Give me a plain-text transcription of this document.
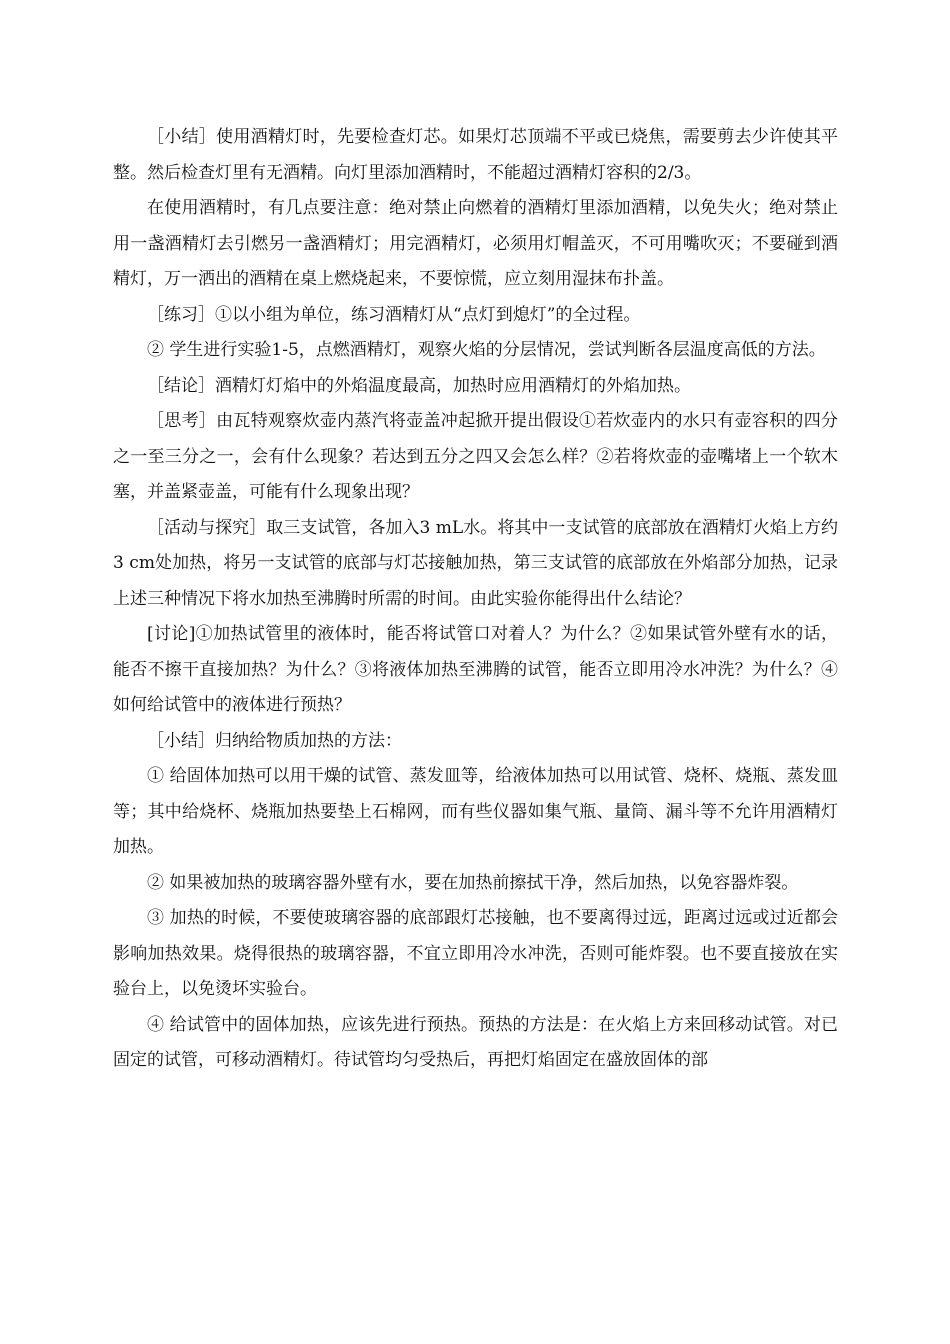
［小结］使用酒精灯时，先要检查灯芯。如果灯芯顶端不平或已烧焦，需要剪去少许使其平整。然后检查灯里有无酒精。向灯里添加酒精时，不能超过酒精灯容积的2/3。

在使用酒精时，有几点要注意：绝对禁止向燃着的酒精灯里添加酒精，以免失火；绝对禁止用一盏酒精灯去引燃另一盏酒精灯；用完酒精灯，必须用灯帽盖灭，不可用嘴吹灭；不要碰到酒精灯，万一洒出的酒精在桌上燃烧起来，不要惊慌，应立刻用湿抹布扑盖。

［练习］①以小组为单位，练习酒精灯从“点灯到熄灯”的全过程。

② 学生进行实验1-5，点燃酒精灯，观察火焰的分层情况，尝试判断各层温度高低的方法。

［结论］酒精灯灯焰中的外焰温度最高，加热时应用酒精灯的外焰加热。

［思考］由瓦特观察炊壶内蒸汽将壶盖冲起掀开提出假设①若炊壶内的水只有壶容积的四分之一至三分之一，会有什么现象？若达到五分之四又会怎么样？②若将炊壶的壶嘴堵上一个软木塞，并盖紧壶盖，可能有什么现象出现？

［活动与探究］取三支试管，各加入3 mL水。将其中一支试管的底部放在酒精灯火焰上方约3 cm处加热，将另一支试管的底部与灯芯接触加热，第三支试管的底部放在外焰部分加热，记录上述三种情况下将水加热至沸腾时所需的时间。由此实验你能得出什么结论？

[讨论]①加热试管里的液体时，能否将试管口对着人？为什么？②如果试管外壁有水的话，能否不擦干直接加热？为什么？③将液体加热至沸腾的试管，能否立即用冷水冲洗？为什么？④如何给试管中的液体进行预热？

［小结］归纳给物质加热的方法：

① 给固体加热可以用干燥的试管、蒸发皿等，给液体加热可以用试管、烧杯、烧瓶、蒸发皿等；其中给烧杯、烧瓶加热要垫上石棉网，而有些仪器如集气瓶、量筒、漏斗等不允许用酒精灯加热。

② 如果被加热的玻璃容器外壁有水，要在加热前擦拭干净，然后加热，以免容器炸裂。

③ 加热的时候，不要使玻璃容器的底部跟灯芯接触，也不要离得过远，距离过远或过近都会影响加热效果。烧得很热的玻璃容器，不宜立即用冷水冲洗，否则可能炸裂。也不要直接放在实验台上，以免烫坏实验台。

④ 给试管中的固体加热，应该先进行预热。预热的方法是：在火焰上方来回移动试管。对已固定的试管，可移动酒精灯。待试管均匀受热后，再把灯焰固定在盛放固体的部
